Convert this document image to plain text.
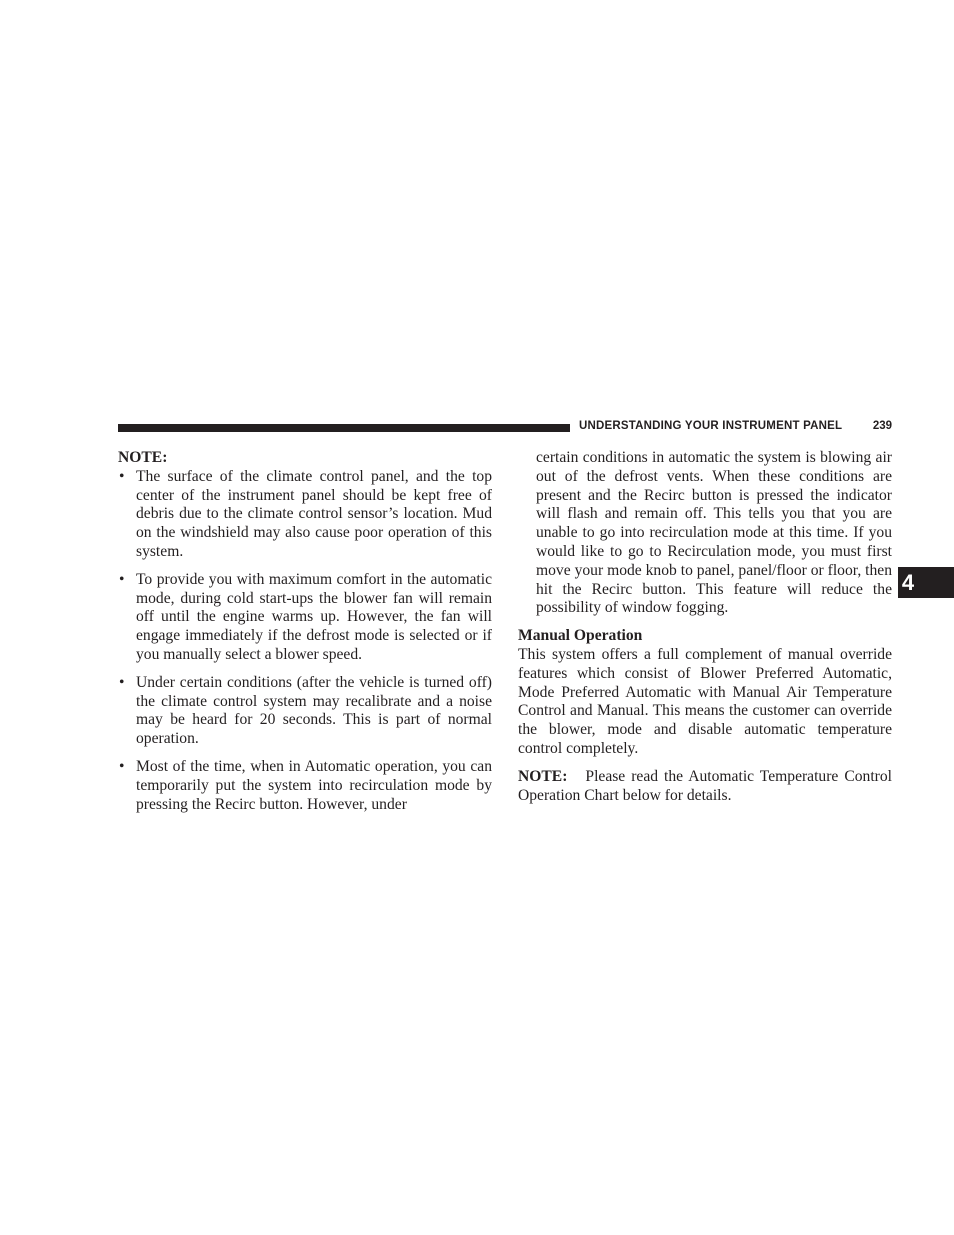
UNDERSTANDING YOUR INSTRUMENT PANEL	239

NOTE:

• The surface of the climate control panel, and the top center of the instrument panel should be kept free of debris due to the climate control sensor’s location. Mud on the windshield may also cause poor operation of this system.
• To provide you with maximum comfort in the automatic mode, during cold start-ups the blower fan will remain off until the engine warms up. However, the fan will engage immediately if the defrost mode is selected or if you manually select a blower speed.
• Under certain conditions (after the vehicle is turned off) the climate control system may recalibrate and a noise may be heard for 20 seconds. This is part of normal operation.
• Most of the time, when in Automatic operation, you can temporarily put the system into recirculation mode by pressing the Recirc button. However, under

certain conditions in automatic the system is blowing air out of the defrost vents. When these conditions are present and the Recirc button is pressed the indicator will flash and remain off. This tells you that you are unable to go into recirculation mode at this time. If you would like to go to Recirculation mode, you must first move your mode knob to panel, panel/floor or floor, then hit the Recirc button. This feature will reduce the possibility of window fogging.

Manual Operation

This system offers a full complement of manual override features which consist of Blower Preferred Automatic, Mode Preferred Automatic with Manual Air Temperature Control and Manual. This means the customer can override the blower, mode and disable automatic temperature control completely.

NOTE: Please read the Automatic Temperature Control Operation Chart below for details.

4
